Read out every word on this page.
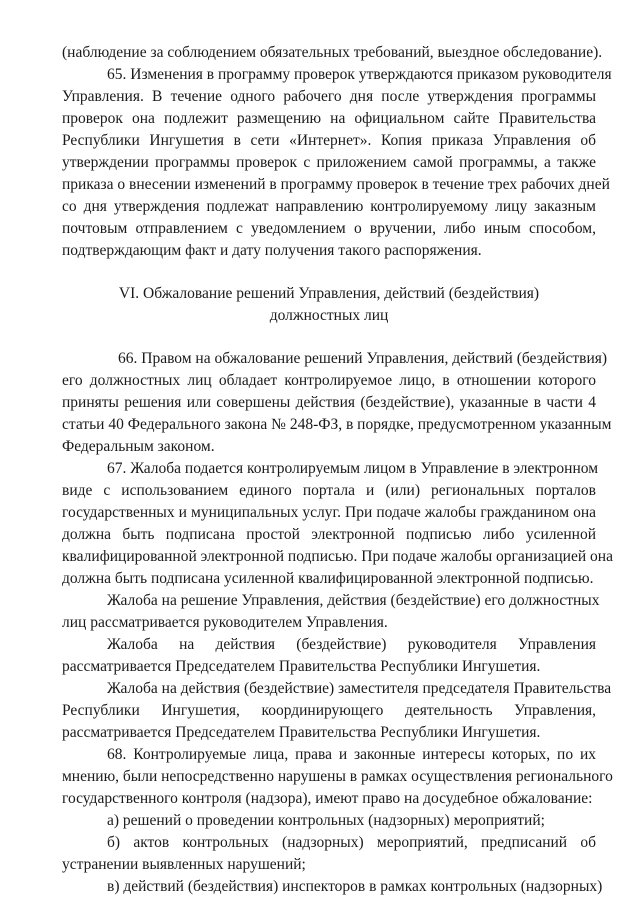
(наблюдение за соблюдением обязательных требований, выездное обследование).
65. Изменения в программу проверок утверждаются приказом руководителя
Управления. В течение одного рабочего дня после утверждения программы
проверок она подлежит размещению на официальном сайте Правительства
Республики Ингушетия в сети «Интернет». Копия приказа Управления об
утверждении программы проверок с приложением самой программы, а также
приказа о внесении изменений в программу проверок в течение трех рабочих дней
со дня утверждения подлежат направлению контролируемому лицу заказным
почтовым отправлением с уведомлением о вручении, либо иным способом,
подтверждающим факт и дату получения такого распоряжения.
VI. Обжалование решений Управления, действий (бездействия)
должностных лиц
66. Правом на обжалование решений Управления, действий (бездействия)
его должностных лиц обладает контролируемое лицо, в отношении которого
приняты решения или совершены действия (бездействие), указанные в части 4
статьи 40 Федерального закона № 248-ФЗ, в порядке, предусмотренном указанным
Федеральным законом.
67. Жалоба подается контролируемым лицом в Управление в электронном
виде с использованием единого портала и (или) региональных порталов
государственных и муниципальных услуг. При подаче жалобы гражданином она
должна быть подписана простой электронной подписью либо усиленной
квалифицированной электронной подписью. При подаче жалобы организацией она
должна быть подписана усиленной квалифицированной электронной подписью.
Жалоба на решение Управления, действия (бездействие) его должностных
лиц рассматривается руководителем Управления.
Жалоба на действия (бездействие) руководителя Управления
рассматривается Председателем Правительства Республики Ингушетия.
Жалоба на действия (бездействие) заместителя председателя Правительства
Республики Ингушетия, координирующего деятельность Управления,
рассматривается Председателем Правительства Республики Ингушетия.
68. Контролируемые лица, права и законные интересы которых, по их
мнению, были непосредственно нарушены в рамках осуществления регионального
государственного контроля (надзора), имеют право на досудебное обжалование:
а) решений о проведении контрольных (надзорных) мероприятий;
б) актов контрольных (надзорных) мероприятий, предписаний об
устранении выявленных нарушений;
в) действий (бездействия) инспекторов в рамках контрольных (надзорных)
